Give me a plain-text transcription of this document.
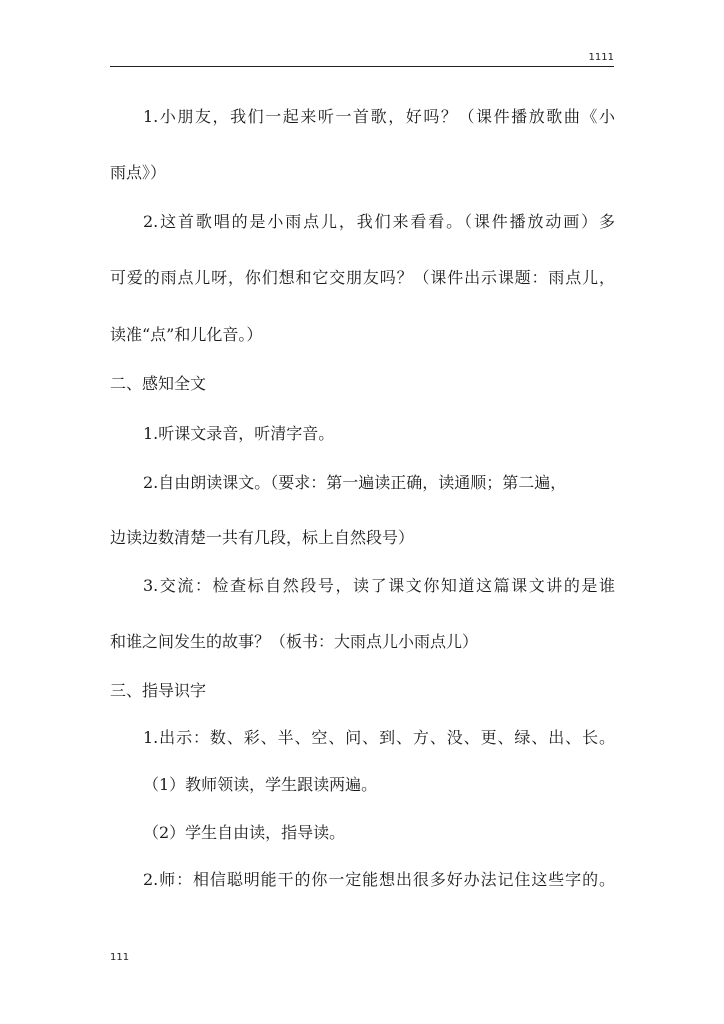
1111
1.小朋友，我们一起来听一首歌，好吗？（课件播放歌曲《小
雨点》）
2.这首歌唱的是小雨点儿，我们来看看。（课件播放动画）多
可爱的雨点儿呀，你们想和它交朋友吗？（课件出示课题：雨点儿，
读准“点”和儿化音。）
二、感知全文
1.听课文录音，听清字音。
2.自由朗读课文。（要求：第一遍读正确，读通顺；第二遍，
边读边数清楚一共有几段，标上自然段号）
3.交流：检查标自然段号，读了课文你知道这篇课文讲的是谁
和谁之间发生的故事？（板书：大雨点儿小雨点儿）
三、指导识字
1.出示：数、彩、半、空、问、到、方、没、更、绿、出、长。
（1）教师领读，学生跟读两遍。
（2）学生自由读，指导读。
2.师：相信聪明能干的你一定能想出很多好办法记住这些字的。
111
